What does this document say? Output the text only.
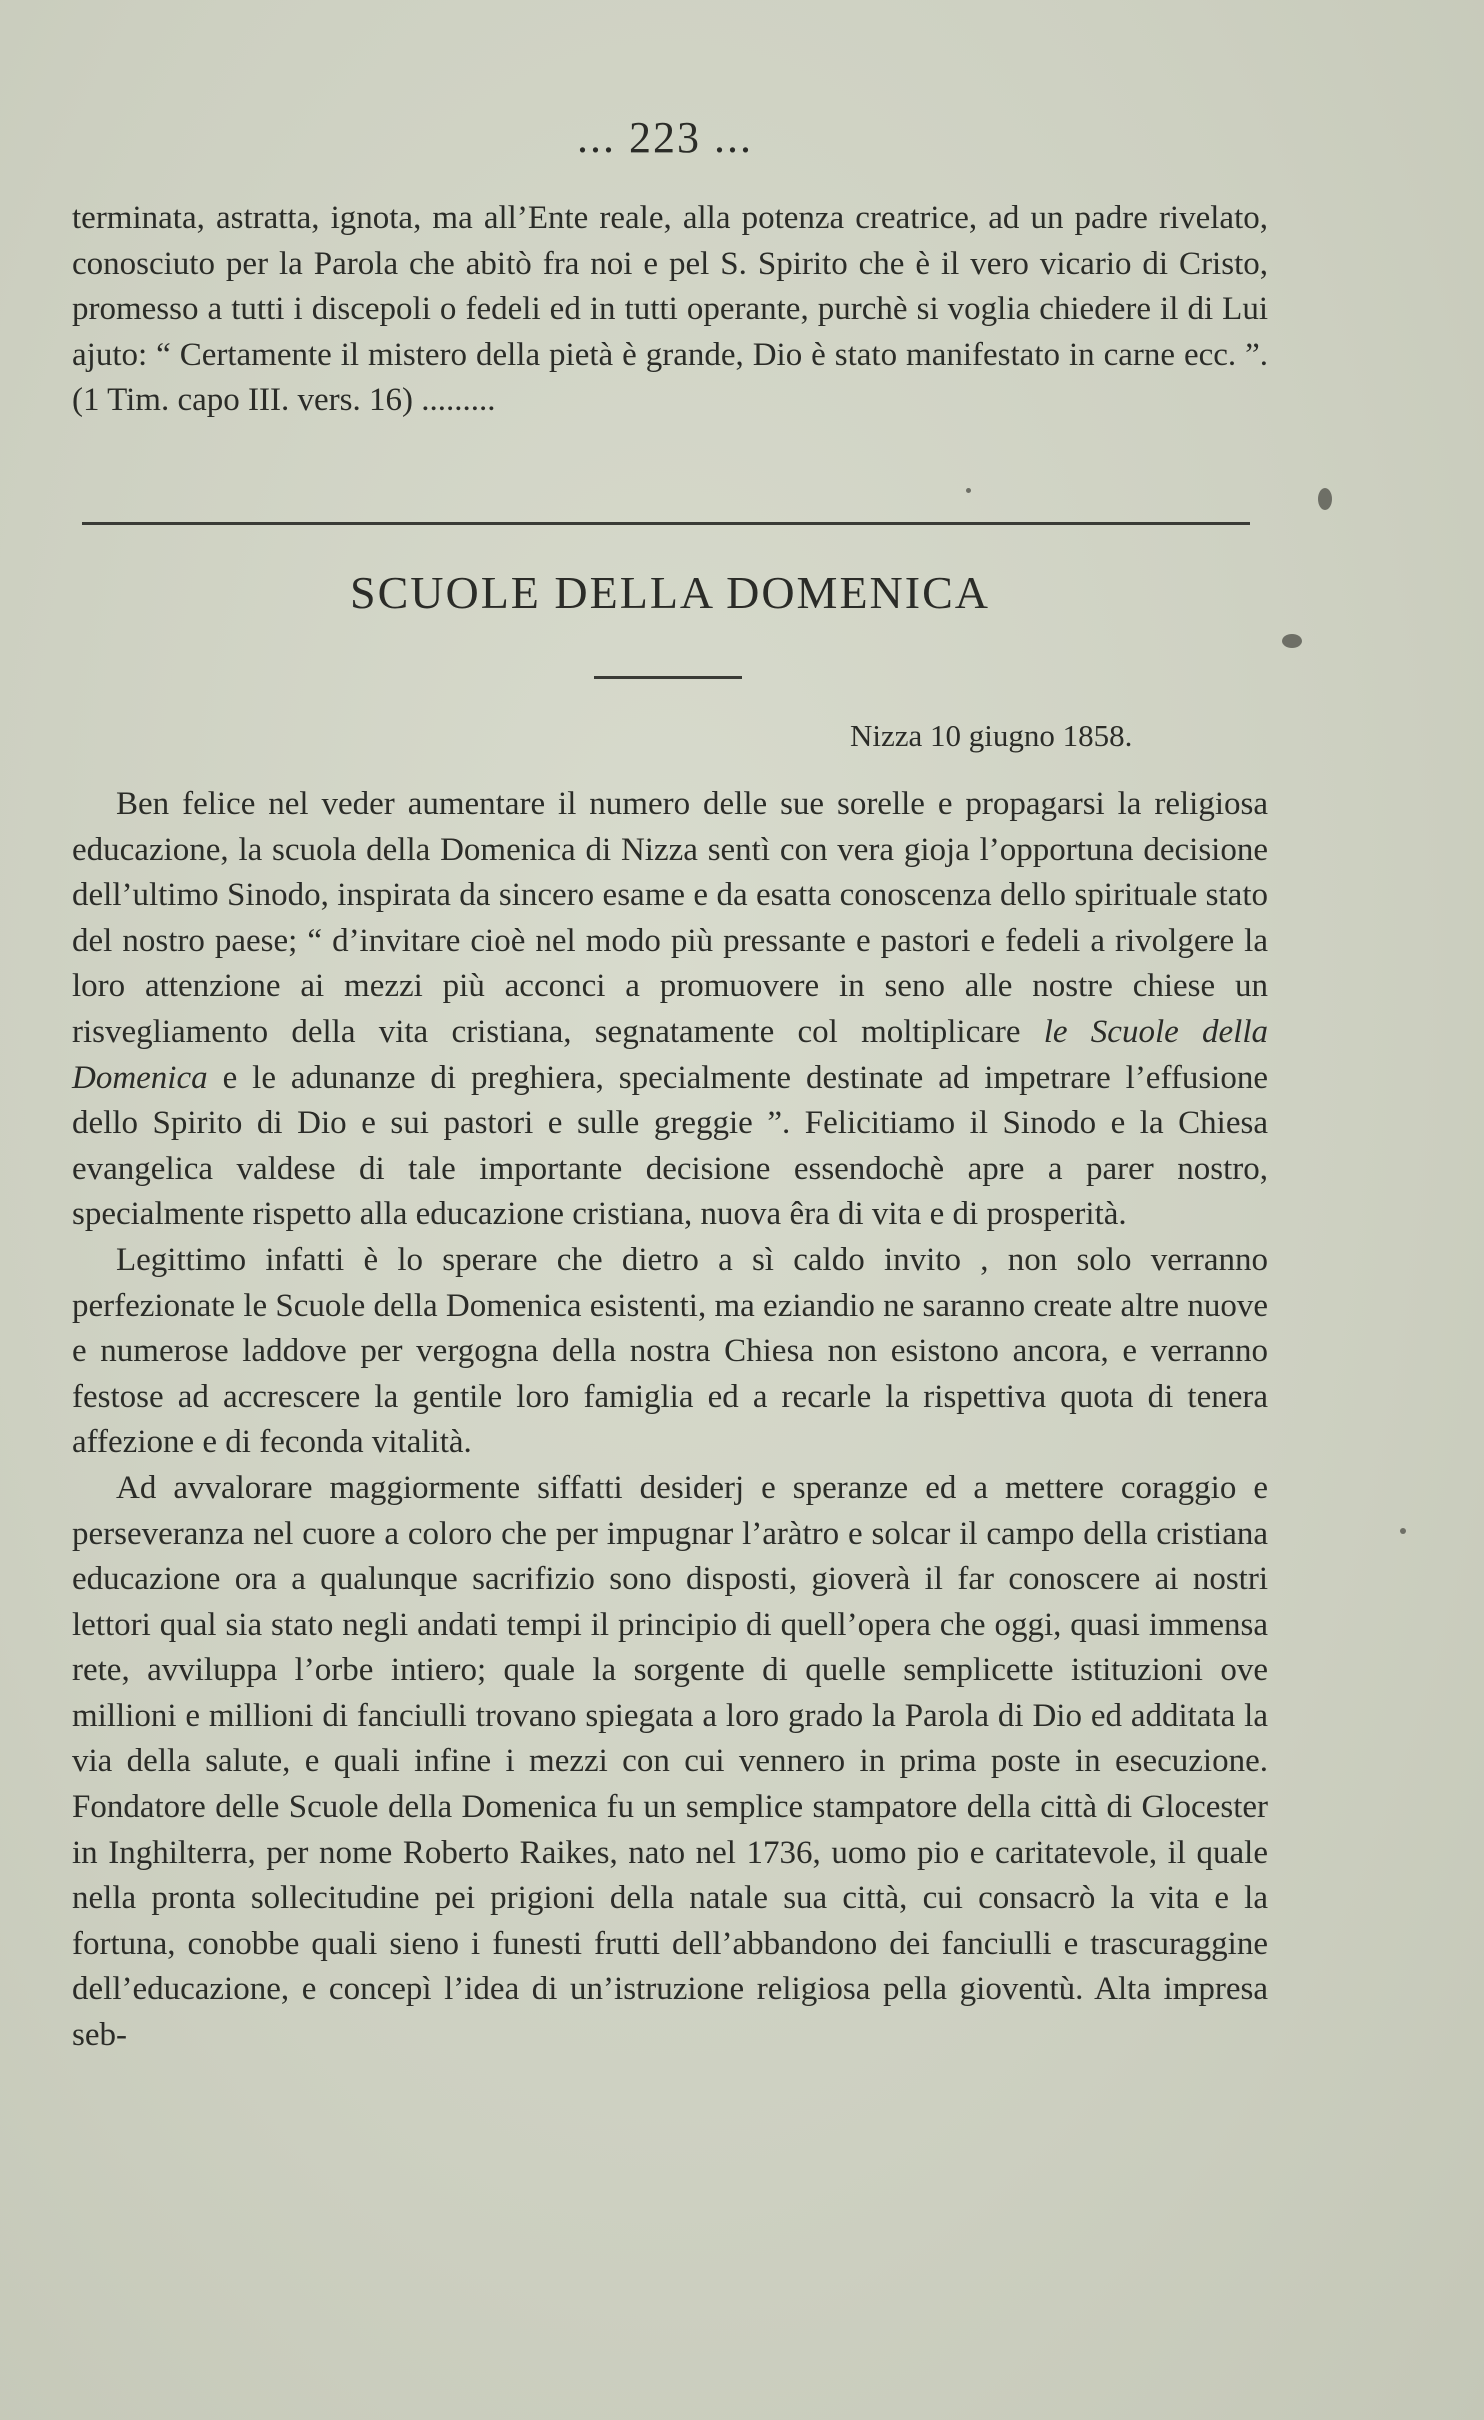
... 223 ...

terminata, astratta, ignota, ma all’Ente reale, alla potenza creatrice, ad un padre rivelato, conosciuto per la Parola che abitò fra noi e pel S. Spirito che è il vero vicario di Cristo, promesso a tutti i discepoli o fedeli ed in tutti operante, purchè si voglia chiedere il di Lui ajuto: “ Certamente il mistero della pietà è grande, Dio è stato manifestato in carne ecc. ”. (1 Tim. capo III. vers. 16) .........

SCUOLE DELLA DOMENICA
Nizza 10 giugno 1858.

Ben felice nel veder aumentare il numero delle sue sorelle e propagarsi la religiosa educazione, la scuola della Domenica di Nizza sentì con vera gioja l’opportuna decisione dell’ultimo Sinodo, inspirata da sincero esame e da esatta conoscenza dello spirituale stato del nostro paese; “ d’invitare cioè nel modo più pressante e pastori e fedeli a rivolgere la loro attenzione ai mezzi più acconci a promuovere in seno alle nostre chiese un risvegliamento della vita cristiana, segnatamente col moltiplicare le Scuole della Domenica e le adunanze di preghiera, specialmente destinate ad impetrare l’effusione dello Spirito di Dio e sui pastori e sulle greggie ”. Felicitiamo il Sinodo e la Chiesa evangelica valdese di tale importante decisione essendochè apre a parer nostro, specialmente rispetto alla educazione cristiana, nuova êra di vita e di prosperità.

Legittimo infatti è lo sperare che dietro a sì caldo invito , non solo verranno perfezionate le Scuole della Domenica esistenti, ma eziandio ne saranno create altre nuove e numerose laddove per vergogna della nostra Chiesa non esistono ancora, e verranno festose ad accrescere la gentile loro famiglia ed a recarle la rispettiva quota di tenera affezione e di feconda vitalità.

Ad avvalorare maggiormente siffatti desiderj e speranze ed a mettere coraggio e perseveranza nel cuore a coloro che per impugnar l’aràtro e solcar il campo della cristiana educazione ora a qualunque sacrifizio sono disposti, gioverà il far conoscere ai nostri lettori qual sia stato negli andati tempi il principio di quell’opera che oggi, quasi immensa rete, avviluppa l’orbe intiero; quale la sorgente di quelle semplicette istituzioni ove millioni e millioni di fanciulli trovano spiegata a loro grado la Parola di Dio ed additata la via della salute, e quali infine i mezzi con cui vennero in prima poste in esecuzione. Fondatore delle Scuole della Domenica fu un semplice stampatore della città di Glocester in Inghilterra, per nome Roberto Raikes, nato nel 1736, uomo pio e caritatevole, il quale nella pronta sollecitudine pei prigioni della natale sua città, cui consacrò la vita e la fortuna, conobbe quali sieno i funesti frutti dell’abbandono dei fanciulli e trascuraggine dell’educazione, e concepì l’idea di un’istruzione religiosa pella gioventù. Alta impresa seb-
